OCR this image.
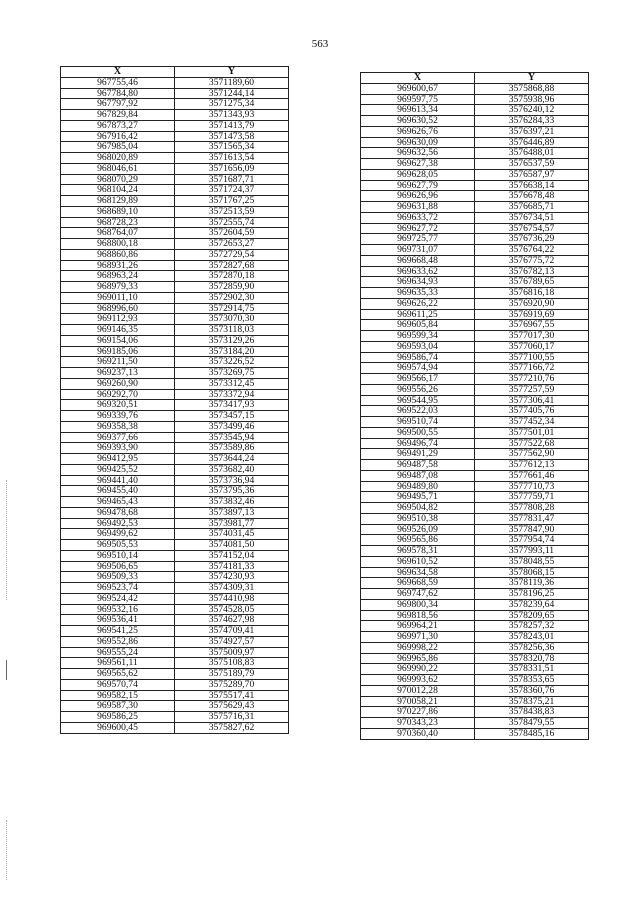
563
X	Y
967755,46	3571189,60
967784,80	3571244,14
967797,92	3571275,34
967829,84	3571343,93
967873,27	3571413,79
967916,42	3571473,58
967985,04	3571565,34
968020,89	3571613,54
968046,61	3571656,09
968070,29	3571687,71
968104,24	3571724,37
968129,89	3571767,25
968689,10	3572513,59
968728,23	3572555,74
968764,07	3572604,59
968800,18	3572653,27
968860,86	3572729,54
968931,26	3572827,68
968963,24	3572870,18
968979,33	3572859,90
969011,10	3572902,30
968996,60	3572914,75
969112,93	3573070,30
969146,35	3573118,03
969154,06	3573129,26
969185,06	3573184,20
969211,50	3573226,52
969237,13	3573269,75
969260,90	3573312,45
969292,70	3573372,94
969320,51	3573417,93
969339,76	3573457,15
969358,38	3573499,46
969377,66	3573545,94
969393,90	3573589,86
969412,95	3573644,24
969425,52	3573682,40
969441,40	3573736,94
969455,40	3573795,36
969465,43	3573832,46
969478,68	3573897,13
969492,53	3573981,77
969499,62	3574031,45
969505,53	3574081,50
969510,14	3574152,04
969506,65	3574181,33
969509,33	3574230,93
969523,74	3574309,31
969524,42	3574410,98
969532,16	3574528,05
969536,41	3574627,98
969541,25	3574709,41
969552,86	3574927,57
969555,24	3575009,97
969561,11	3575108,83
969565,62	3575189,79
969570,74	3575289,70
969582,15	3575517,41
969587,30	3575629,43
969586,25	3575716,31
969600,45	3575827,62
X	Y
969600,67	3575868,88
969597,75	3575938,96
969613,34	3576240,12
969630,52	3576284,33
969626,76	3576397,21
969630,09	3576446,89
969632,56	3576488,01
969627,38	3576537,59
969628,05	3576587,97
969627,79	3576638,14
969626,96	3576678,48
969631,88	3576685,71
969633,72	3576734,51
969627,72	3576754,57
969725,77	3576736,29
969731,07	3576764,22
969668,48	3576775,72
969633,62	3576782,13
969634,93	3576789,65
969635,33	3576816,18
969626,22	3576920,90
969611,25	3576919,69
969605,84	3576967,55
969599,34	3577017,30
969593,04	3577060,17
969586,74	3577100,55
969574,94	3577166,72
969566,17	3577210,76
969556,26	3577257,59
969544,95	3577306,41
969522,03	3577405,76
969510,74	3577452,34
969500,55	3577501,01
969496,74	3577522,68
969491,29	3577562,90
969487,58	3577612,13
969487,08	3577661,46
969489,80	3577710,73
969495,71	3577759,71
969504,82	3577808,28
969510,38	3577831,47
969526,09	3577847,90
969565,86	3577954,74
969578,31	3577993,11
969610,52	3578048,55
969634,58	3578068,15
969668,59	3578119,36
969747,62	3578196,25
969800,34	3578239,64
969818,56	3578209,65
969964,21	3578257,32
969971,30	3578243,01
969998,22	3578256,36
969965,86	3578320,78
969990,22	3578331,51
969993,62	3578353,65
970012,28	3578360,76
970058,21	3578375,21
970227,86	3578438,83
970343,23	3578479,55
970360,40	3578485,16
